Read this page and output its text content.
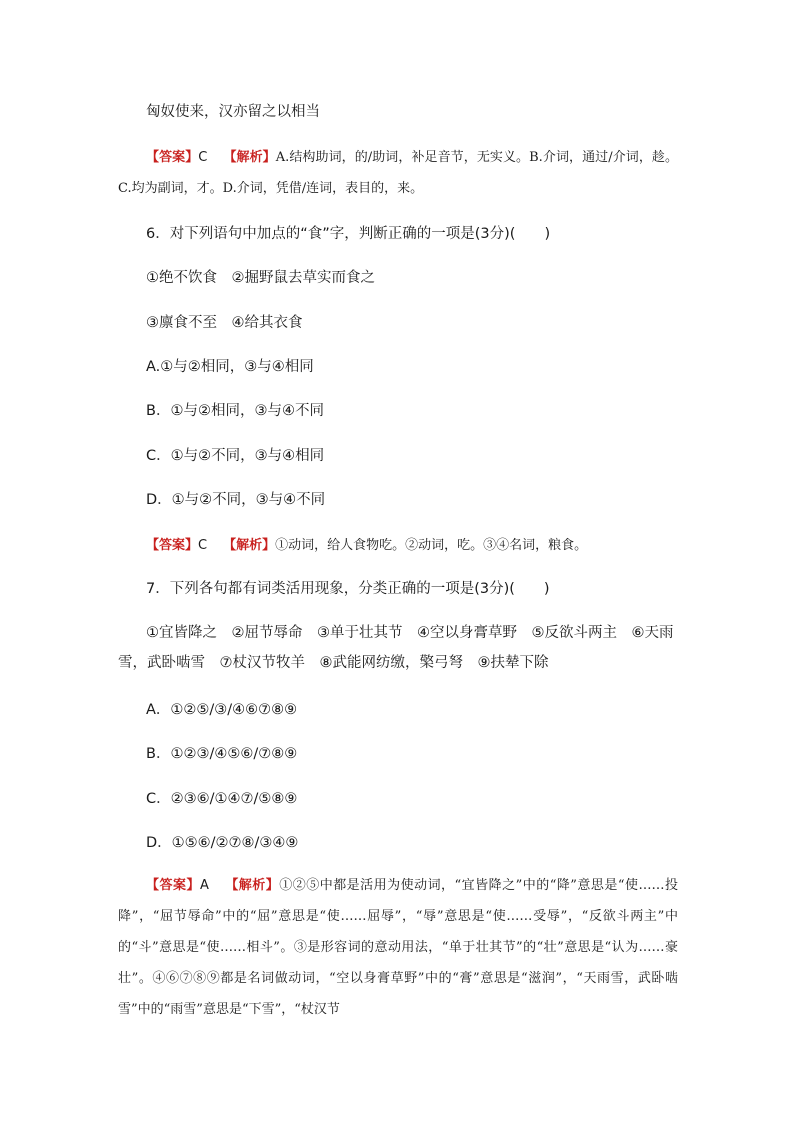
匈奴使来，汉亦留之以相当
【答案】C 【解析】A.结构助词，的/助词，补足音节，无实义。B.介词，通过/介词，趁。C.均为副词，才。D.介词，凭借/连词，表目的，来。
6．对下列语句中加点的“食”字，判断正确的一项是(3分)(　　)
①绝不饮食　②掘野鼠去草实而食之
③廪食不至　④给其衣食
A.①与②相同，③与④相同
B．①与②相同，③与④不同
C．①与②不同，③与④相同
D．①与②不同，③与④不同
【答案】C 【解析】①动词，给人食物吃。②动词，吃。③④名词，粮食。
7．下列各句都有词类活用现象，分类正确的一项是(3分)(　　)
①宜皆降之　②屈节辱命　③单于壮其节　④空以身膏草野　⑤反欲斗两主　⑥天雨雪，武卧啮雪　⑦杖汉节牧羊　⑧武能网纺缴，檠弓弩　⑨扶辇下除
A．①②⑤/③/④⑥⑦⑧⑨
B．①②③/④⑤⑥/⑦⑧⑨
C．②③⑥/①④⑦/⑤⑧⑨
D．①⑤⑥/②⑦⑧/③④⑨
【答案】A 【解析】①②⑤中都是活用为使动词，“宜皆降之”中的“降”意思是“使……投降”，“屈节辱命”中的“屈”意思是“使……屈辱”，“辱”意思是“使……受辱”，“反欲斗两主”中的“斗”意思是“使……相斗”。③是形容词的意动用法，“单于壮其节”的“壮”意思是“认为……豪壮”。④⑥⑦⑧⑨都是名词做动词，“空以身膏草野”中的“膏”意思是“滋润”，“天雨雪，武卧啮雪”中的“雨雪”意思是“下雪”，“杖汉节
